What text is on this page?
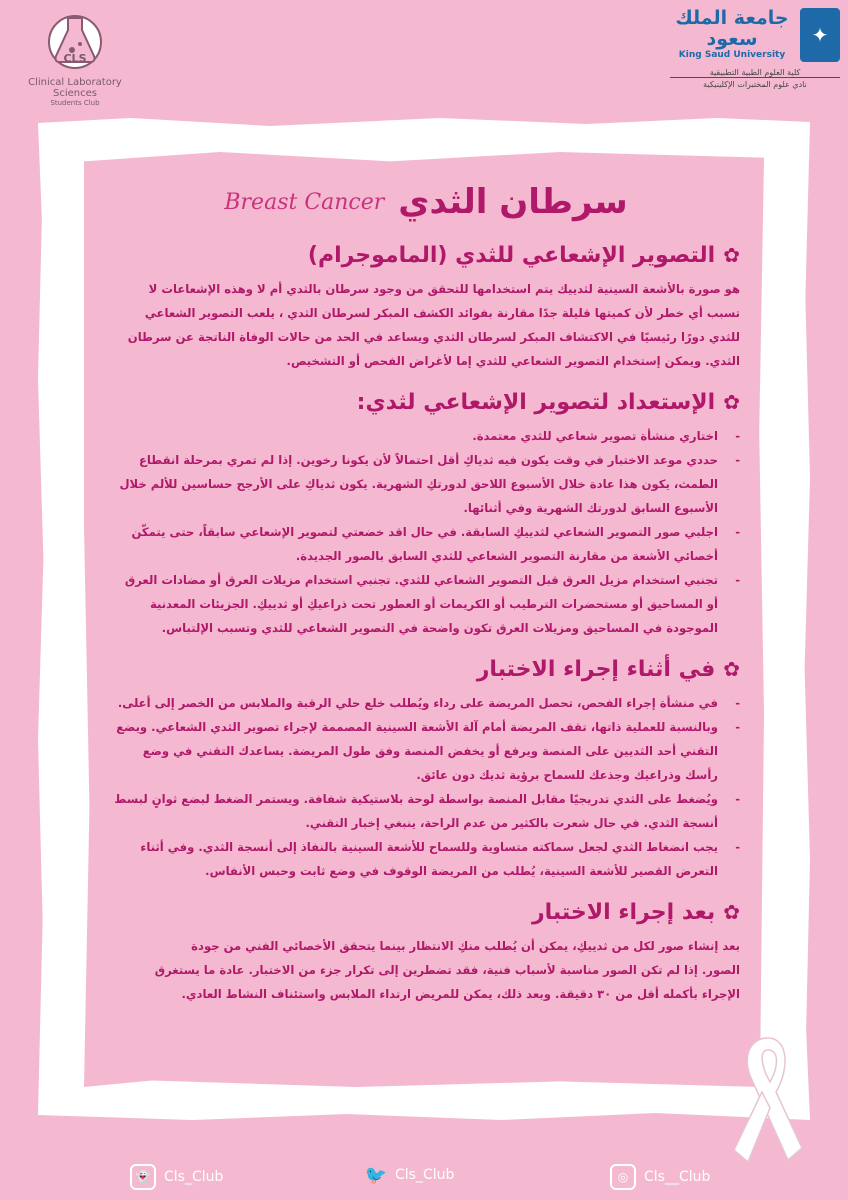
CLS
Clinical Laboratory Sciences
Students Club
✦
جامعة الملك سعود
King Saud University
كلية العلوم الطبية التطبيقية
نادي علوم المختبرات الإكلينيكية
سرطان الثدي
Breast Cancer
✿التصوير الإشعاعي للثدي (الماموجرام)

هو صورة بالأشعة السينية لثدييك يتم استخدامها للتحقق من وجود سرطان بالثدي أم لا وهذه الإشعاعات لا تسبب أي خطر لأن كميتها قليلة جدًا مقارنة بفوائد الكشف المبكر لسرطان الثدي ، يلعب التصوير الشعاعي للثدي دورًا رئيسيًا في الاكتشاف المبكر لسرطان الثدي ويساعد في الحد من حالات الوفاة الناتجة عن سرطان الثدي. ويمكن إستخدام التصوير الشعاعي للثدي إما لأغراض الفحص أو التشخيص.

✿الإستعداد لتصوير الإشعاعي لثدي:
- اختاري منشأة تصوير شعاعي للثدي معتمدة.
- حددي موعد الاختبار في وقت يكون فيه ثدياكِ أقل احتمالاً لأن يكونا رخوين. إذا لم تمري بمرحلة انقطاع الطمث، يكون هذا عادة خلال الأسبوع اللاحق لدورتكِ الشهرية. يكون ثدياكِ على الأرجح حساسين للألم خلال الأسبوع السابق لدورتك الشهرية وفي أثنائها.
- اجلبي صور التصوير الشعاعي لثدييكِ السابقة. في حال اقد خضعتي لتصوير الإشعاعي سابقاً، حتى يتمكّن أخصائي الأشعة من مقارنة التصوير الشعاعي للثدي السابق بالصور الجديدة.
- تجنبي استخدام مزيل العرق قبل التصوير الشعاعي للثدي. تجنبي استخدام مزيلات العرق أو مضادات العرق أو المساحيق أو مستحضرات الترطيب أو الكريمات أو العطور تحت ذراعيكِ أو ثدييكِ. الجزيئات المعدنية الموجودة في المساحيق ومزيلات العرق تكون واضحة في التصوير الشعاعي للثدي وتسبب الإلتباس.
✿في أثناء إجراء الاختبار
- في منشأة إجراء الفحص، تحصل المريضة على رداء ويُطلب خلع حلي الرقبة والملابس من الخصر إلى أعلى.
- وبالنسبة للعملية ذاتها، تقف المريضة أمام آلة الأشعة السينية المصممة لإجراء تصوير الثدي الشعاعي. ويضع التقني أحد الثديين على المنصة ويرفع أو يخفض المنصة وفق طول المريضة. يساعدك التقني في وضع رأسك وذراعيك وجذعك للسماح برؤية ثديك دون عائق.
- ويُضغط على الثدي تدريجيًا مقابل المنصة بواسطة لوحة بلاستيكية شفافة. ويستمر الضغط لبضع ثوانٍ لبسط أنسجة الثدي. في حال شعرت بالكثير من عدم الراحة، ينبغي إخبار التقني.
- يجب انضغاط الثدي لجعل سماكته متساوية وللسماح للأشعة السينية بالنفاذ إلى أنسجة الثدي. وفي أثناء التعرض القصير للأشعة السينية، يُطلب من المريضة الوقوف في وضع ثابت وحبس الأنفاس.
✿بعد إجراء الاختبار

بعد إنشاء صور لكل من ثدييكِ، يمكن أن يُطلب منكِ الانتظار بينما يتحقق الأخصائي الفني من جودة الصور. إذا لم تكن الصور مناسبة لأسباب فنية، فقد تضطرين إلى تكرار جزء من الاختبار. عادة ما يستغرق الإجراء بأكمله أقل من ٣٠ دقيقة. وبعد ذلك، يمكن للمريض ارتداء الملابس واستئناف النشاط العادي.

👻 Cls_Club	🐦 Cls_Club	◎	Cls__Club
